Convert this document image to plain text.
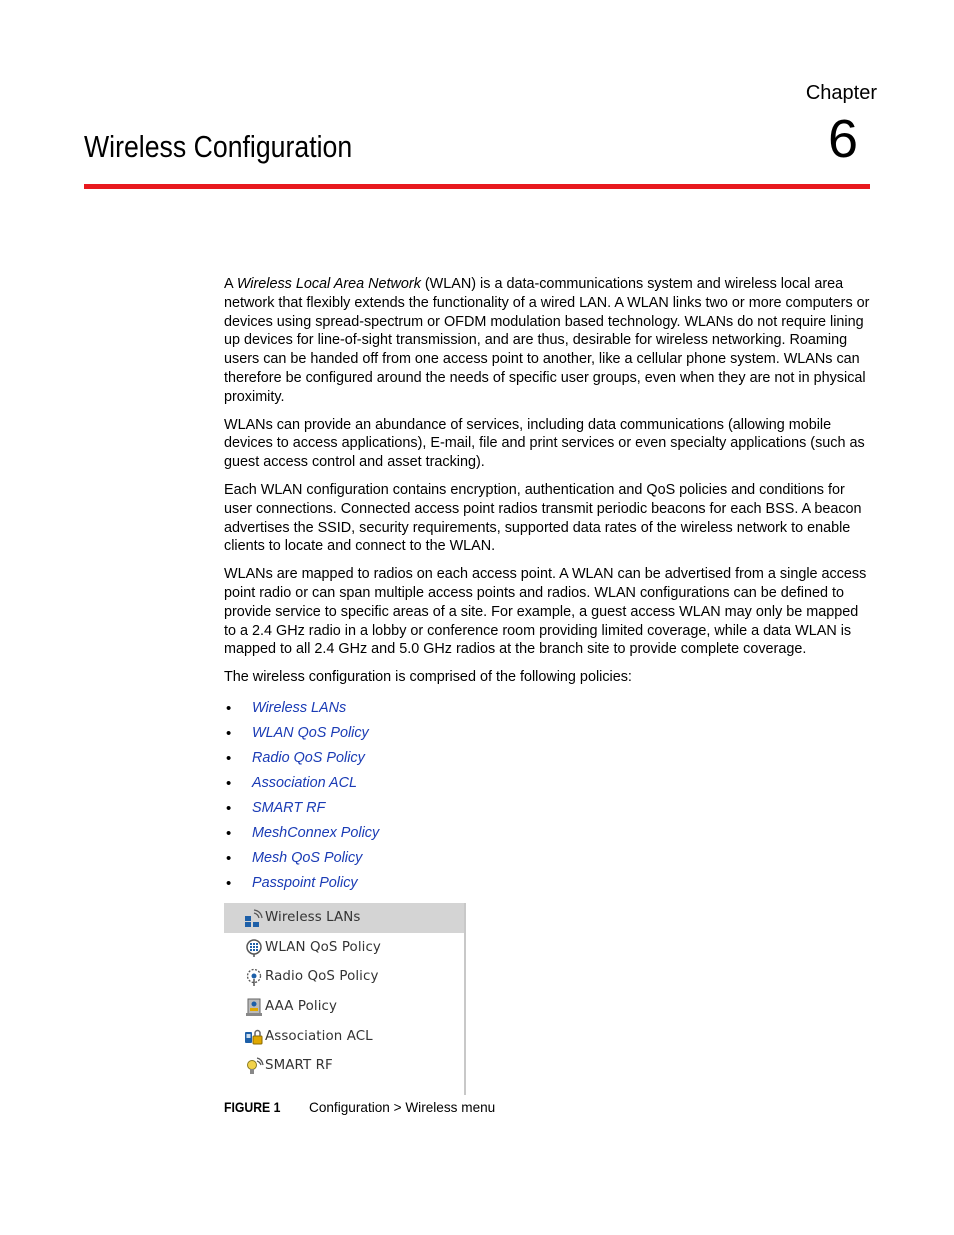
Chapter
6
Wireless Configuration

A Wireless Local Area Network (WLAN) is a data-communications system and wireless local area network that flexibly extends the functionality of a wired LAN. A WLAN links two or more computers or devices using spread-spectrum or OFDM modulation based technology. WLANs do not require lining up devices for line-of-sight transmission, and are thus, desirable for wireless networking. Roaming users can be handed off from one access point to another, like a cellular phone system. WLANs can therefore be configured around the needs of specific user groups, even when they are not in physical proximity.

WLANs can provide an abundance of services, including data communications (allowing mobile devices to access applications), E-mail, file and print services or even specialty applications (such as guest access control and asset tracking).

Each WLAN configuration contains encryption, authentication and QoS policies and conditions for user connections. Connected access point radios transmit periodic beacons for each BSS. A beacon advertises the SSID, security requirements, supported data rates of the wireless network to enable clients to locate and connect to the WLAN.

WLANs are mapped to radios on each access point. A WLAN can be advertised from a single access point radio or can span multiple access points and radios. WLAN configurations can be defined to provide service to specific areas of a site. For example, a guest access WLAN may only be mapped to a 2.4 GHz radio in a lobby or conference room providing limited coverage, while a data WLAN is mapped to all 2.4 GHz and 5.0 GHz radios at the branch site to provide complete coverage.

The wireless configuration is comprised of the following policies:

• Wireless LANs
• WLAN QoS Policy
• Radio QoS Policy
• Association ACL
• SMART RF
• MeshConnex Policy
• Mesh QoS Policy
• Passpoint Policy
Wireless LANs
WLAN QoS Policy
Radio QoS Policy
AAA Policy
Association ACL
SMART RF
FIGURE 1	Configuration > Wireless menu
